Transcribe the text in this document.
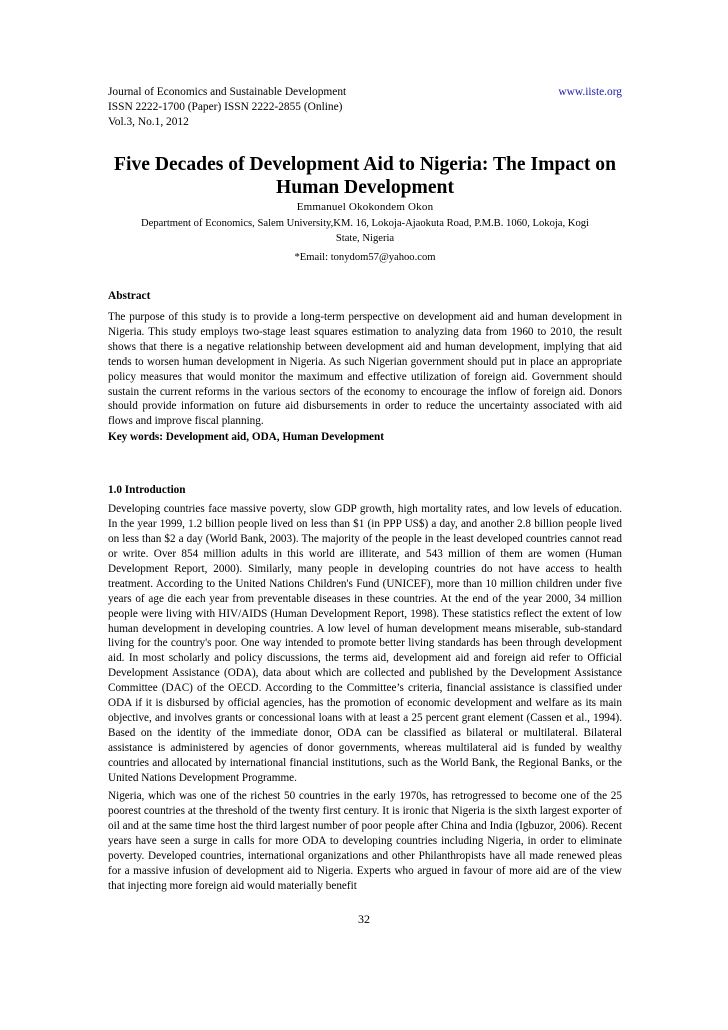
Journal of Economics and Sustainable Development
ISSN 2222-1700 (Paper) ISSN 2222-2855 (Online)
Vol.3, No.1, 2012
www.iiste.org
Five Decades of Development Aid to Nigeria: The Impact on Human Development
Emmanuel Okokondem Okon
Department of Economics, Salem University,KM. 16, Lokoja-Ajaokuta Road, P.M.B. 1060, Lokoja, Kogi State, Nigeria
*Email: tonydom57@yahoo.com
Abstract
The purpose of this study is to provide a long-term perspective on development aid and human development in Nigeria. This study employs two-stage least squares estimation to analyzing data from 1960 to 2010, the result shows that there is a negative relationship between development aid and human development, implying that aid tends to worsen human development in Nigeria. As such Nigerian government should put in place an appropriate policy measures that would monitor the maximum and effective utilization of foreign aid. Government should sustain the current reforms in the various sectors of the economy to encourage the inflow of foreign aid. Donors should provide information on future aid disbursements in order to reduce the uncertainty associated with aid flows and improve fiscal planning.
Key words: Development aid, ODA, Human Development
1.0 Introduction
Developing countries face massive poverty, slow GDP growth, high mortality rates, and low levels of education. In the year 1999, 1.2 billion people lived on less than $1 (in PPP US$) a day, and another 2.8 billion people lived on less than $2 a day (World Bank, 2003). The majority of the people in the least developed countries cannot read or write. Over 854 million adults in this world are illiterate, and 543 million of them are women (Human Development Report, 2000). Similarly, many people in developing countries do not have access to health treatment. According to the United Nations Children's Fund (UNICEF), more than 10 million children under five years of age die each year from preventable diseases in these countries. At the end of the year 2000, 34 million people were living with HIV/AIDS (Human Development Report, 1998). These statistics reflect the extent of low human development in developing countries. A low level of human development means miserable, sub-standard living for the country's poor. One way intended to promote better living standards has been through development aid. In most scholarly and policy discussions, the terms aid, development aid and foreign aid refer to Official Development Assistance (ODA), data about which are collected and published by the Development Assistance Committee (DAC) of the OECD. According to the Committee’s criteria, financial assistance is classified under ODA if it is disbursed by official agencies, has the promotion of economic development and welfare as its main objective, and involves grants or concessional loans with at least a 25 percent grant element (Cassen et al., 1994). Based on the identity of the immediate donor, ODA can be classified as bilateral or multilateral. Bilateral assistance is administered by agencies of donor governments, whereas multilateral aid is funded by wealthy countries and allocated by international financial institutions, such as the World Bank, the Regional Banks, or the United Nations Development Programme.
Nigeria, which was one of the richest 50 countries in the early 1970s, has retrogressed to become one of the 25 poorest countries at the threshold of the twenty first century. It is ironic that Nigeria is the sixth largest exporter of oil and at the same time host the third largest number of poor people after China and India (Igbuzor, 2006). Recent years have seen a surge in calls for more ODA to developing countries including Nigeria, in order to eliminate poverty. Developed countries, international organizations and other Philanthropists have all made renewed pleas for a massive infusion of development aid to Nigeria. Experts who argued in favour of more aid are of the view that injecting more foreign aid would materially benefit
32
